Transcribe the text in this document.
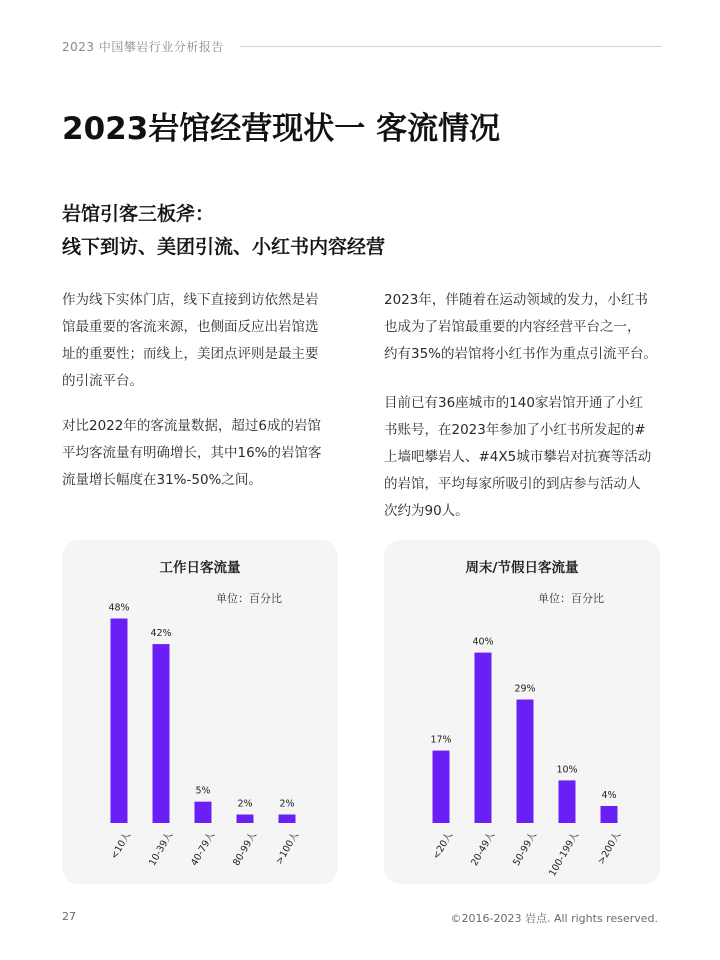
2023 中国攀岩行业分析报告
2023岩馆经营现状一 客流情况
岩馆引客三板斧：
线下到访、美团引流、小红书内容经营
作为线下实体门店，线下直接到访依然是岩
馆最重要的客流来源，也侧面反应出岩馆选
址的重要性；而线上，美团点评则是最主要
的引流平台。
对比2022年的客流量数据，超过6成的岩馆
平均客流量有明确增长，其中16%的岩馆客
流量增长幅度在31%-50%之间。
2023年，伴随着在运动领域的发力，小红书
也成为了岩馆最重要的内容经营平台之一，
约有35%的岩馆将小红书作为重点引流平台。
目前已有36座城市的140家岩馆开通了小红
书账号，在2023年参加了小红书所发起的#
上墙吧攀岩人、#4X5城市攀岩对抗赛等活动
的岩馆，平均每家所吸引的到店参与活动人
次约为90人。
工作日客流量
单位：百分比
48%
<10人
42%
10-39人
5%
40-79人
2%
80-99人
2%
>100人
周末/节假日客流量
单位：百分比
17%
<20人
40%
20-49人
29%
50-99人
10%
100-199人
4%
>200人
27	©2016-2023 岩点. All rights reserved.
